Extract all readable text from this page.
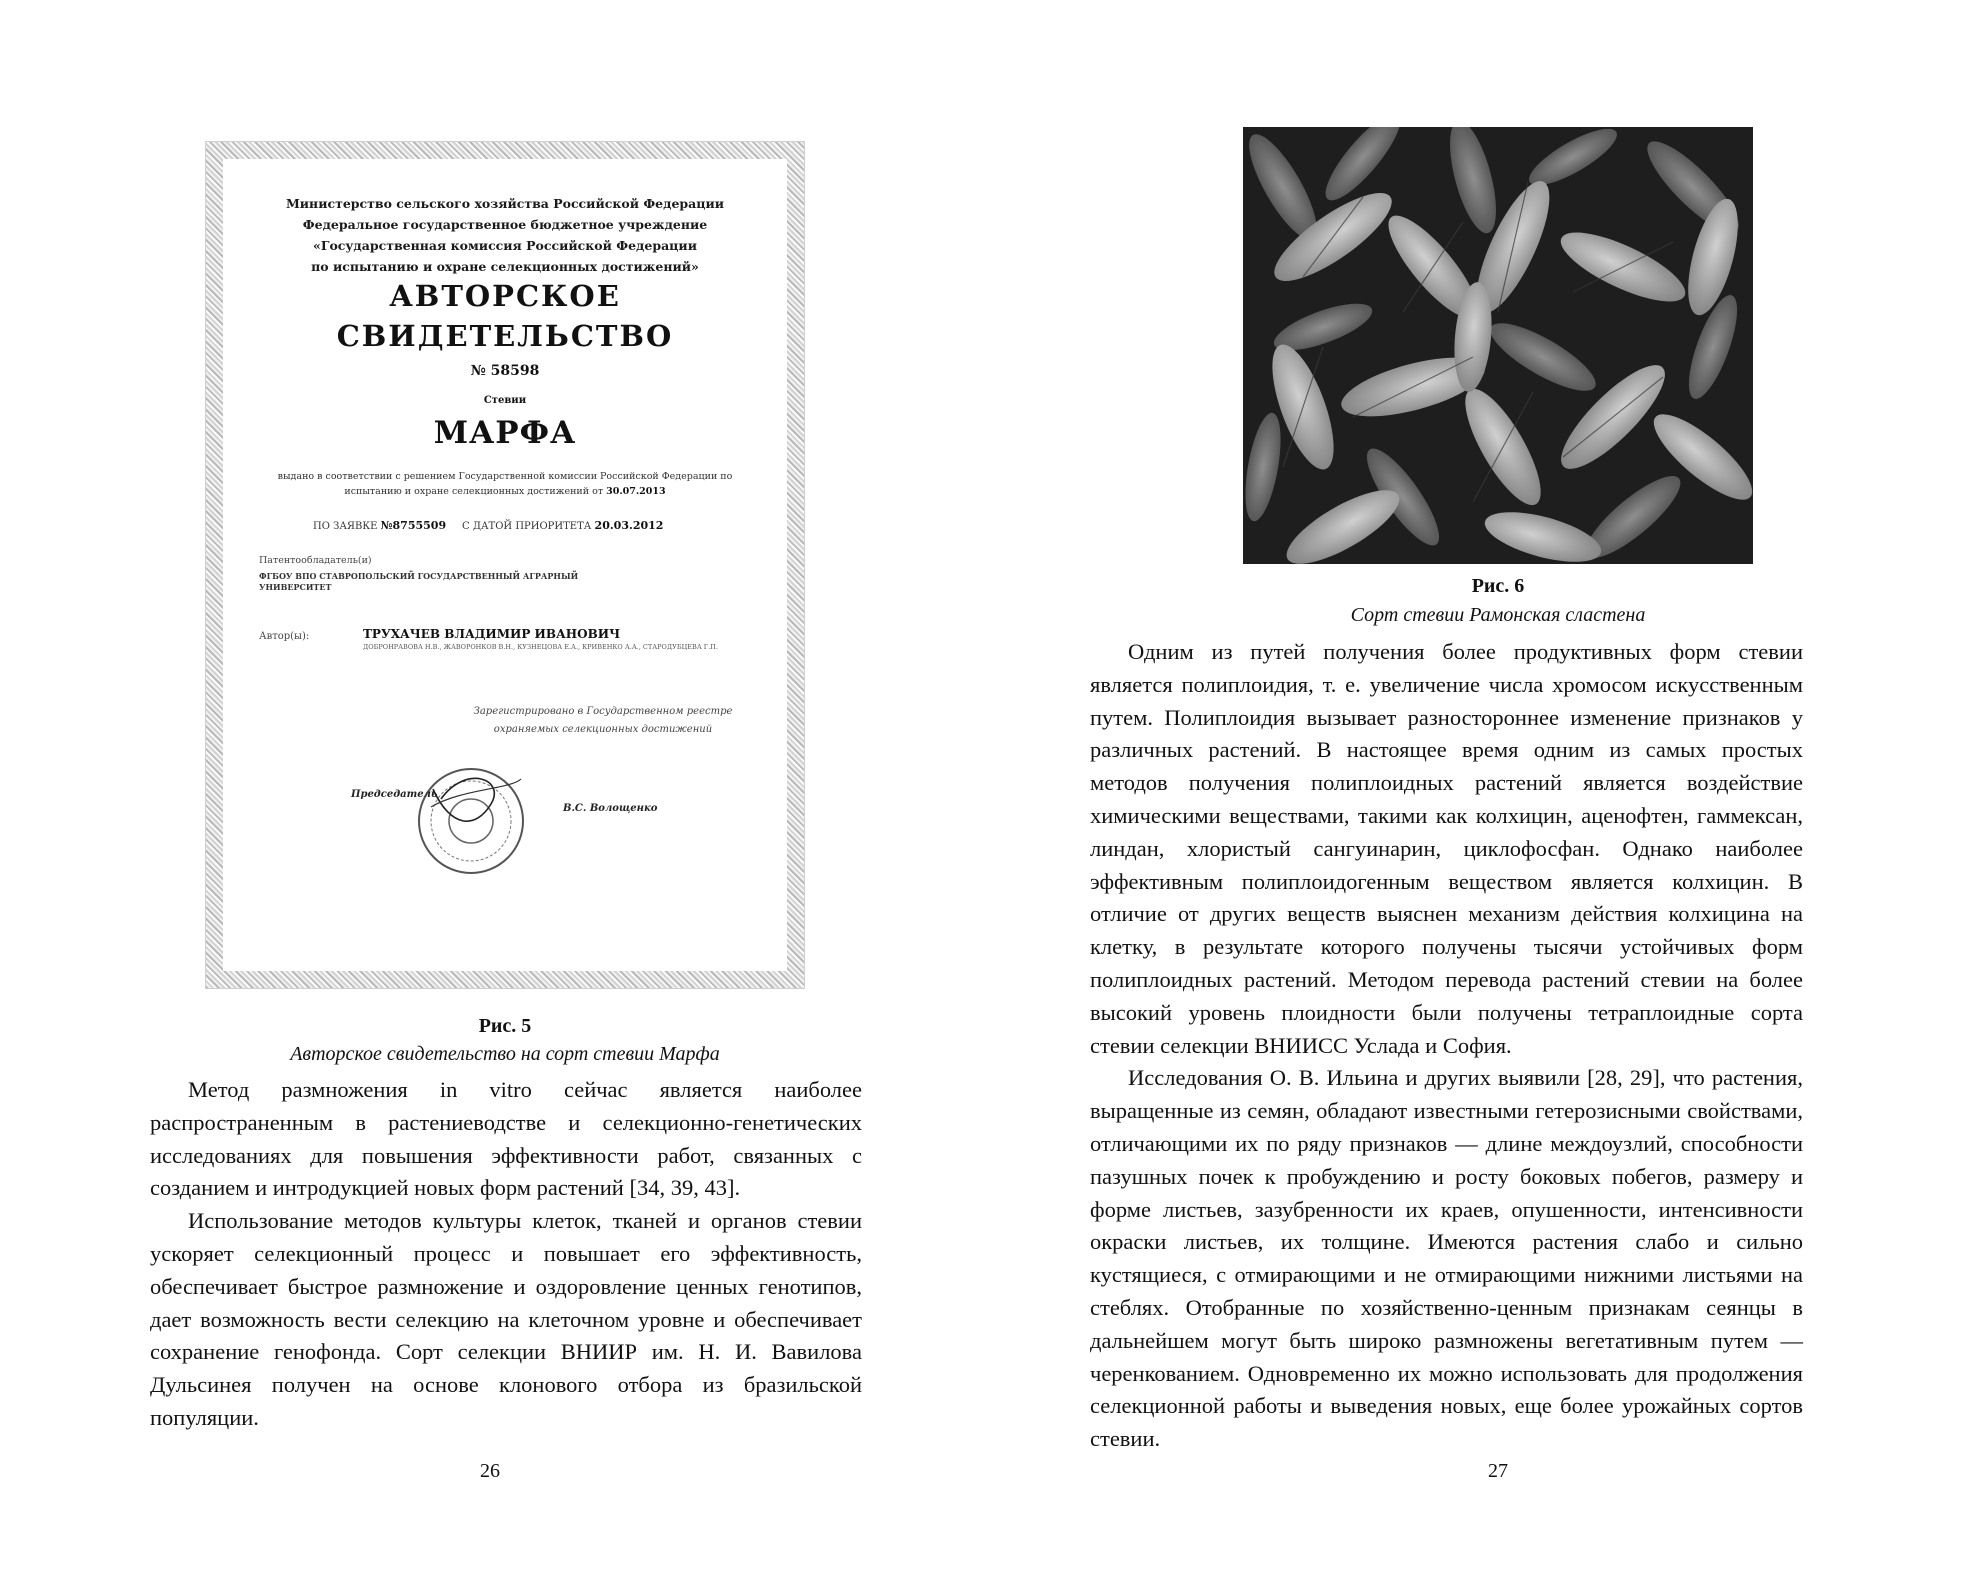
Министерство сельского хозяйства Российской Федерации
Федеральное государственное бюджетное учреждение
«Государственная комиссия Российской Федерации
по испытанию и охране селекционных достижений»
АВТОРСКОЕ
СВИДЕТЕЛЬСТВО
№ 58598
Стевии
МАРФА
выдано в соответствии с решением Государственной комиссии Российской Федерации по испытанию и охране селекционных достижений от 30.07.2013
ПО ЗАЯВКЕ №8755509 С ДАТОЙ ПРИОРИТЕТА 20.03.2012
Патентообладатель(и)
ФГБОУ ВПО СТАВРОПОЛЬСКИЙ ГОСУДАРСТВЕННЫЙ АГРАРНЫЙ УНИВЕРСИТЕТ
Автор(ы):	ТРУХАЧЕВ ВЛАДИМИР ИВАНОВИЧ
ДОБРОНРАВОВА Н.В., ЖАВОРОНКОВ В.Н., КУЗНЕЦОВА Е.А., КРИВЕНКО А.А., СТАРОДУБЦЕВА Г.П.
Зарегистрировано в Государственном реестре охраняемых селекционных достижений
Председатель
В.С. Волощенко
Рис. 5
Авторское свидетельство на сорт стевии Марфа

Метод размножения in vitro сейчас является наиболее распространенным в растениеводстве и селекционно-генетических исследованиях для повышения эффективности работ, связанных с созданием и интродукцией новых форм растений [34, 39, 43].

Использование методов культуры клеток, тканей и органов стевии ускоряет селекционный процесс и повышает его эффективность, обеспечивает быстрое размножение и оздоровление ценных генотипов, дает возможность вести селекцию на клеточном уровне и обеспечивает сохранение генофонда. Сорт селекции ВНИИР им. Н. И. Вавилова Дульсинея получен на основе клонового отбора из бразильской популяции.

26
Рис. 6
Сорт стевии Рамонская сластена

Одним из путей получения более продуктивных форм стевии является полиплоидия, т. е. увеличение числа хромосом искусственным путем. Полиплоидия вызывает разностороннее изменение признаков у различных растений. В настоящее время одним из самых простых методов получения полиплоидных растений является воздействие химическими веществами, такими как колхицин, аценофтен, гаммексан, линдан, хлористый сангуинарин, циклофосфан. Однако наиболее эффективным полиплоидогенным веществом является колхицин. В отличие от других веществ выяснен механизм действия колхицина на клетку, в результате которого получены тысячи устойчивых форм полиплоидных растений. Методом перевода растений стевии на более высокий уровень плоидности были получены тетраплоидные сорта стевии селекции ВНИИСС Услада и София.

Исследования О. В. Ильина и других выявили [28, 29], что растения, выращенные из семян, обладают известными гетерозисными свойствами, отличающими их по ряду признаков — длине междоузлий, способности пазушных почек к пробуждению и росту боковых побегов, размеру и форме листьев, зазубренности их краев, опушенности, интенсивности окраски листьев, их толщине. Имеются растения слабо и сильно кустящиеся, с отмирающими и не отмирающими нижними листьями на стеблях. Отобранные по хозяйственно-ценным признакам сеянцы в дальнейшем могут быть широко размножены вегетативным путем — черенкованием. Одновременно их можно использовать для продолжения селекционной работы и выведения новых, еще более урожайных сортов стевии.

27
